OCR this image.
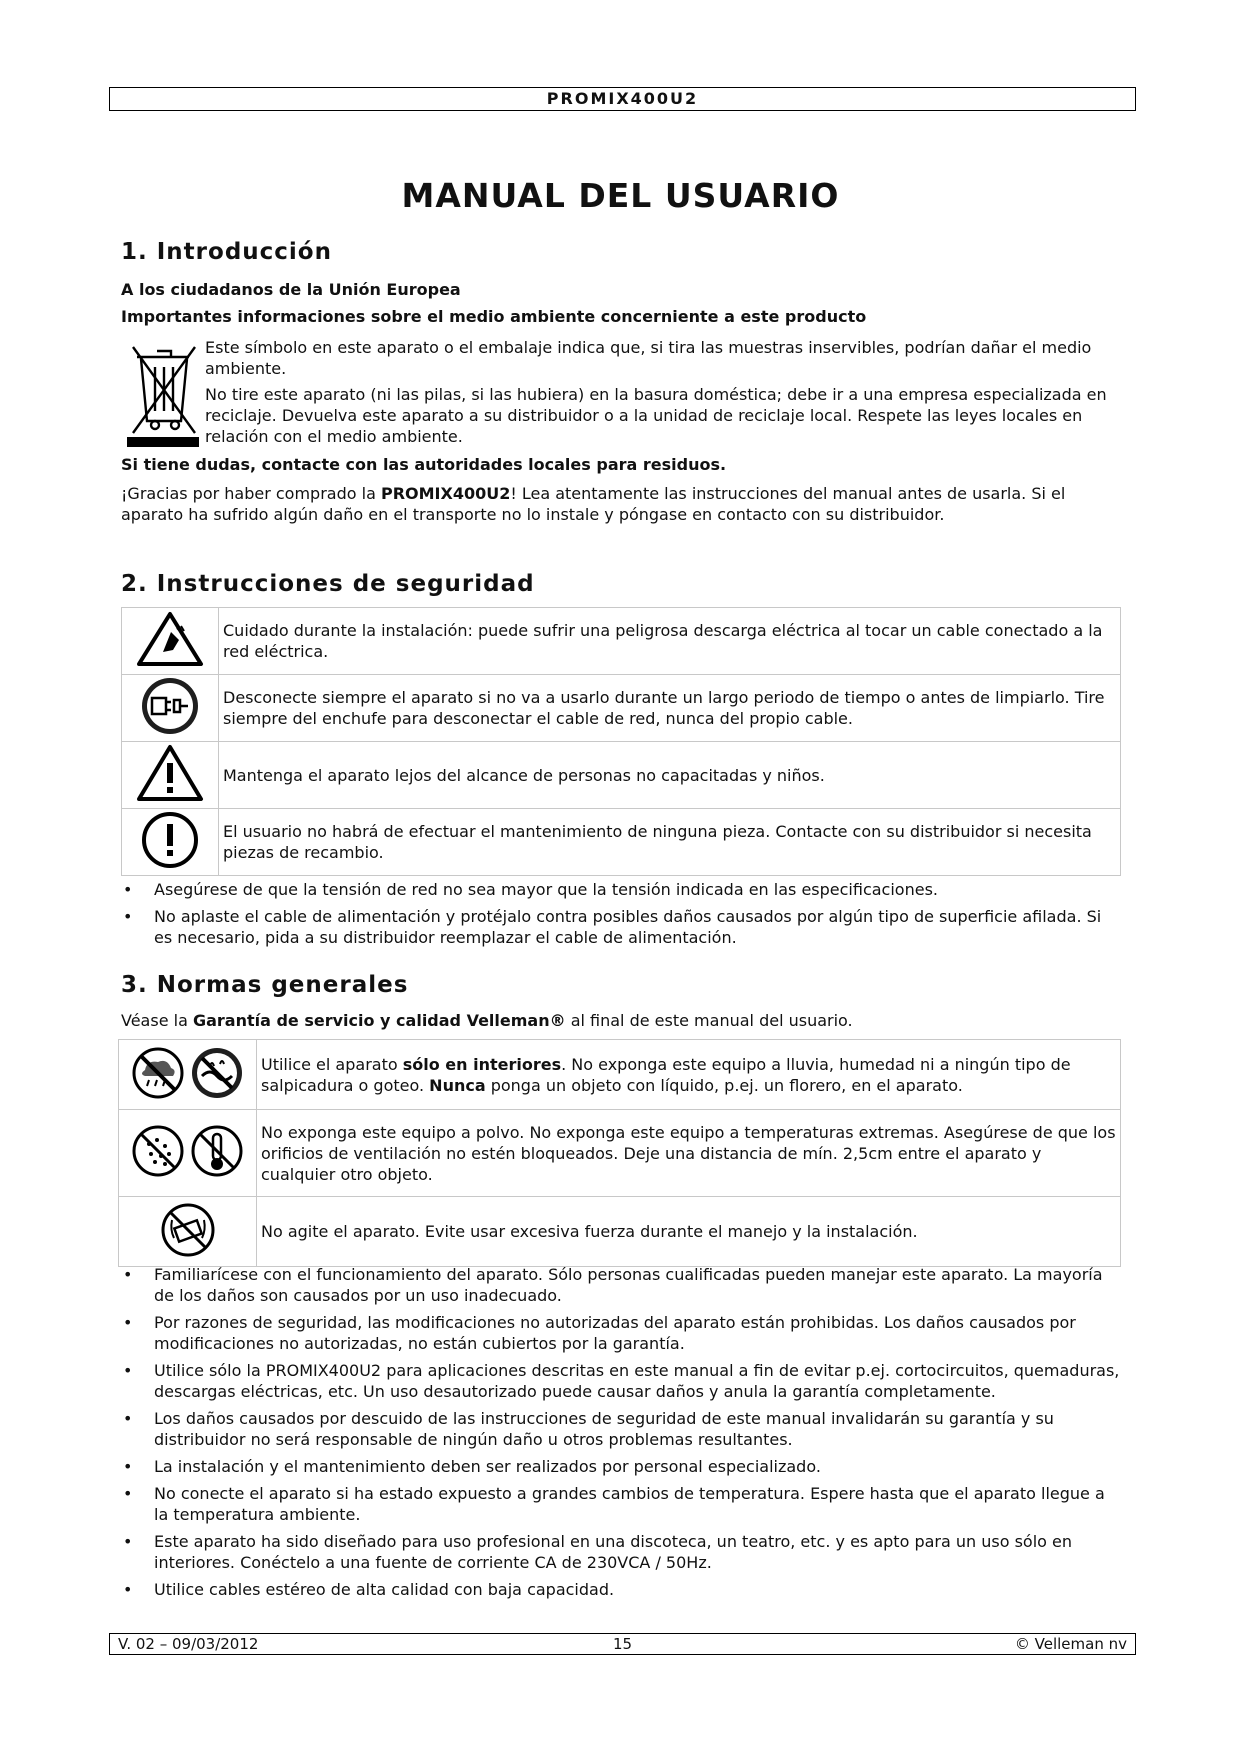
PROMIX400U2
MANUAL DEL USUARIO
1. Introducción
A los ciudadanos de la Unión Europea
Importantes informaciones sobre el medio ambiente concerniente a este producto
Este símbolo en este aparato o el embalaje indica que, si tira las muestras inservibles, podrían dañar el medio ambiente.
No tire este aparato (ni las pilas, si las hubiera) en la basura doméstica; debe ir a una empresa especializada en reciclaje. Devuelva este aparato a su distribuidor o a la unidad de reciclaje local. Respete las leyes locales en relación con el medio ambiente.
Si tiene dudas, contacte con las autoridades locales para residuos.
¡Gracias por haber comprado la PROMIX400U2! Lea atentamente las instrucciones del manual antes de usarla. Si el aparato ha sufrido algún daño en el transporte no lo instale y póngase en contacto con su distribuidor.
2. Instrucciones de seguridad
	Cuidado durante la instalación: puede sufrir una peligrosa descarga eléctrica al tocar un cable conectado a la red eléctrica.
	Desconecte siempre el aparato si no va a usarlo durante un largo periodo de tiempo o antes de limpiarlo. Tire siempre del enchufe para desconectar el cable de red, nunca del propio cable.
	Mantenga el aparato lejos del alcance de personas no capacitadas y niños.
	El usuario no habrá de efectuar el mantenimiento de ninguna pieza. Contacte con su distribuidor si necesita piezas de recambio.
• Asegúrese de que la tensión de red no sea mayor que la tensión indicada en las especificaciones.
• No aplaste el cable de alimentación y protéjalo contra posibles daños causados por algún tipo de superficie afilada. Si es necesario, pida a su distribuidor reemplazar el cable de alimentación.
3. Normas generales
Véase la Garantía de servicio y calidad Velleman® al final de este manual del usuario.
	Utilice el aparato sólo en interiores. No exponga este equipo a lluvia, humedad ni a ningún tipo de salpicadura o goteo. Nunca ponga un objeto con líquido, p.ej. un florero, en el aparato.
	No exponga este equipo a polvo. No exponga este equipo a temperaturas extremas. Asegúrese de que los orificios de ventilación no estén bloqueados. Deje una distancia de mín. 2,5cm entre el aparato y cualquier otro objeto.
	No agite el aparato. Evite usar excesiva fuerza durante el manejo y la instalación.
• Familiarícese con el funcionamiento del aparato. Sólo personas cualificadas pueden manejar este aparato. La mayoría de los daños son causados por un uso inadecuado.
• Por razones de seguridad, las modificaciones no autorizadas del aparato están prohibidas. Los daños causados por modificaciones no autorizadas, no están cubiertos por la garantía.
• Utilice sólo la PROMIX400U2 para aplicaciones descritas en este manual a fin de evitar p.ej. cortocircuitos, quemaduras, descargas eléctricas, etc. Un uso desautorizado puede causar daños y anula la garantía completamente.
• Los daños causados por descuido de las instrucciones de seguridad de este manual invalidarán su garantía y su distribuidor no será responsable de ningún daño u otros problemas resultantes.
• La instalación y el mantenimiento deben ser realizados por personal especializado.
• No conecte el aparato si ha estado expuesto a grandes cambios de temperatura. Espere hasta que el aparato llegue a la temperatura ambiente.
• Este aparato ha sido diseñado para uso profesional en una discoteca, un teatro, etc. y es apto para un uso sólo en interiores. Conéctelo a una fuente de corriente CA de 230VCA / 50Hz.
• Utilice cables estéreo de alta calidad con baja capacidad.
V. 02 – 09/03/2012	15	© Velleman nv
